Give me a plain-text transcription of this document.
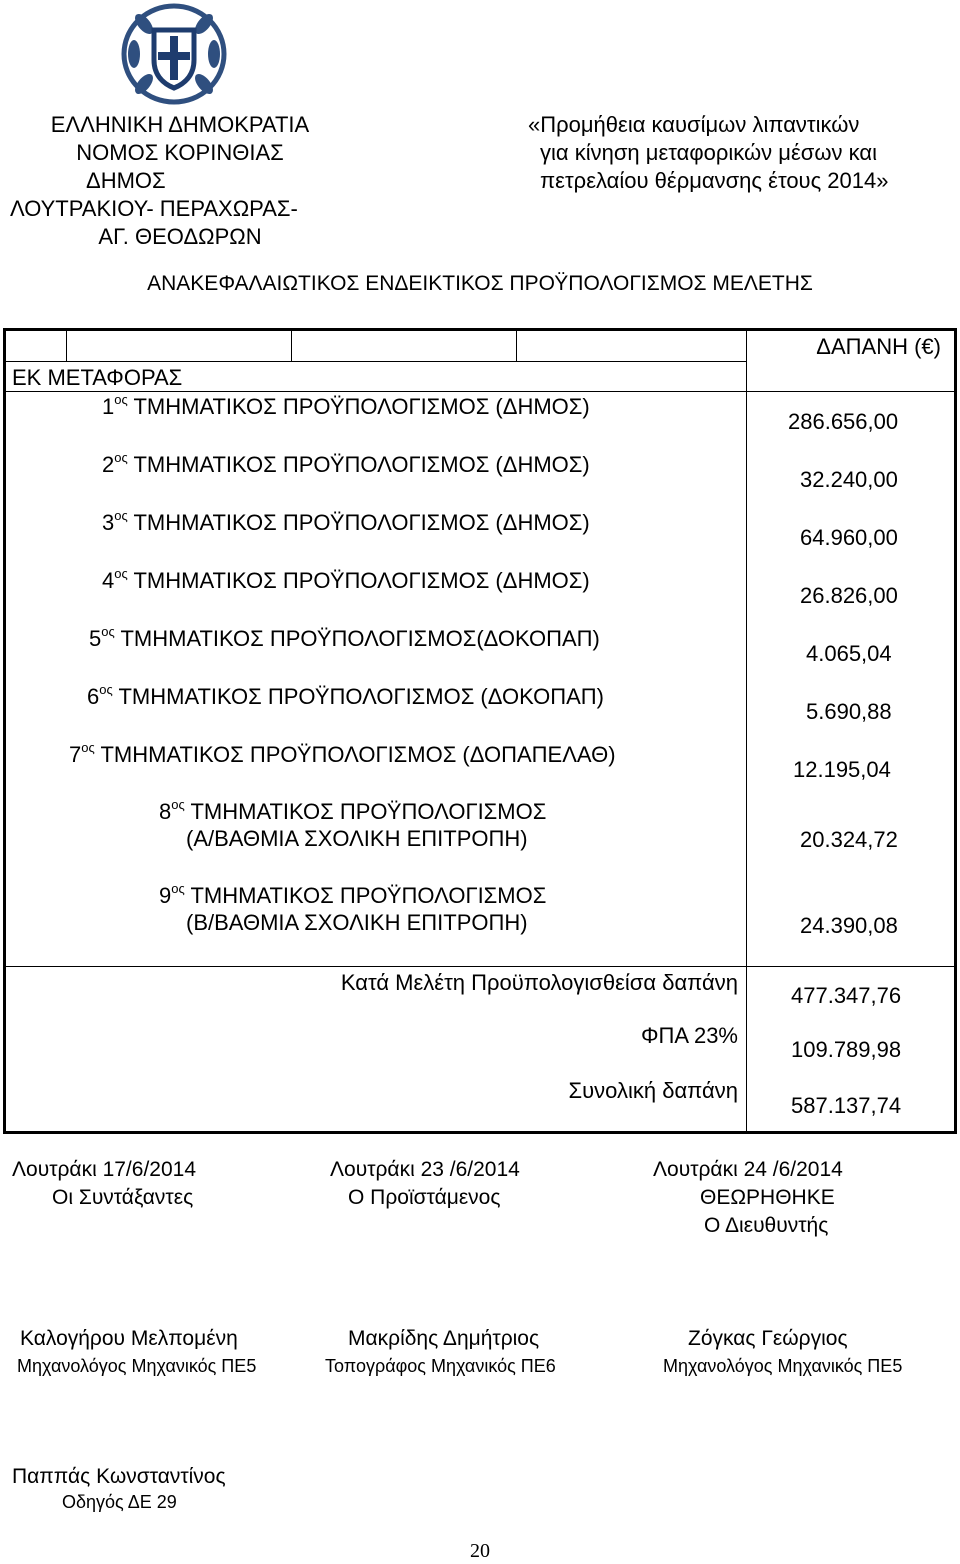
ΕΛΛΗΝΙΚΗ ΔΗΜΟΚΡΑΤΙΑ
ΝΟΜΟΣ ΚΟΡΙΝΘΙΑΣ
ΔΗΜΟΣ
ΛΟΥΤΡΑΚΙΟΥ- ΠΕΡΑΧΩΡΑΣ-
ΑΓ. ΘΕΟΔΩΡΩΝ
«Προμήθεια καυσίμων λιπαντικών
για κίνηση μεταφορικών μέσων και
πετρελαίου θέρμανσης έτους 2014»
ΑΝΑΚΕΦΑΛΑΙΩΤΙΚΟΣ ΕΝΔΕΙΚΤΙΚΟΣ ΠΡΟΫΠΟΛΟΓΙΣΜΟΣ ΜΕΛΕΤΗΣ
ΔΑΠΑΝΗ (€)
ΕΚ ΜΕΤΑΦΟΡΑΣ
$1^{o\varsigma}$ ΤΜΗΜΑΤΙΚΟΣ ΠΡΟΫΠΟΛΟΓΙΣΜΟΣ (ΔΗΜΟΣ)
286.656,00
$2^{o\varsigma}$ ΤΜΗΜΑΤΙΚΟΣ ΠΡΟΫΠΟΛΟΓΙΣΜΟΣ (ΔΗΜΟΣ)
32.240,00
$3^{o\varsigma}$ ΤΜΗΜΑΤΙΚΟΣ ΠΡΟΫΠΟΛΟΓΙΣΜΟΣ (ΔΗΜΟΣ)
64.960,00
$4^{o\varsigma}$ ΤΜΗΜΑΤΙΚΟΣ ΠΡΟΫΠΟΛΟΓΙΣΜΟΣ (ΔΗΜΟΣ)
26.826,00
$5^{o\varsigma}$ ΤΜΗΜΑΤΙΚΟΣ ΠΡΟΫΠΟΛΟΓΙΣΜΟΣ(ΔΟΚΟΠΑΠ)
4.065,04
$6^{o\varsigma}$ ΤΜΗΜΑΤΙΚΟΣ ΠΡΟΫΠΟΛΟΓΙΣΜΟΣ (ΔΟΚΟΠΑΠ)
5.690,88
$7^{o\varsigma}$ ΤΜΗΜΑΤΙΚΟΣ ΠΡΟΫΠΟΛΟΓΙΣΜΟΣ (ΔΟΠΑΠΕΛΑΘ)
12.195,04
$8^{o\varsigma}$ ΤΜΗΜΑΤΙΚΟΣ ΠΡΟΫΠΟΛΟΓΙΣΜΟΣ
(Α/ΒΑΘΜΙΑ ΣΧΟΛΙΚΗ ΕΠΙΤΡΟΠΗ)	20.324,72
$9^{o\varsigma}$ ΤΜΗΜΑΤΙΚΟΣ ΠΡΟΫΠΟΛΟΓΙΣΜΟΣ
(Β/ΒΑΘΜΙΑ ΣΧΟΛΙΚΗ ΕΠΙΤΡΟΠΗ)	24.390,08
Κατά Μελέτη Προϋπολογισθείσα δαπάνη
477.347,76
ΦΠΑ 23%
109.789,98
Συνολική δαπάνη
587.137,74
Λουτράκι 17/6/2014
Οι Συντάξαντες
Λουτράκι 23 /6/2014
Ο Προϊστάμενος
Λουτράκι 24 /6/2014
ΘΕΩΡΗΘΗΚΕ
Ο Διευθυντής
Καλογήρου Μελπομένη
Μηχανολόγος Μηχανικός ΠΕ5
Μακρίδης Δημήτριος
Τοπογράφος Μηχανικός ΠΕ6
Ζόγκας Γεώργιος
Μηχανολόγος Μηχανικός ΠΕ5
Παππάς Κωνσταντίνος
Οδηγός ΔΕ 29
20
